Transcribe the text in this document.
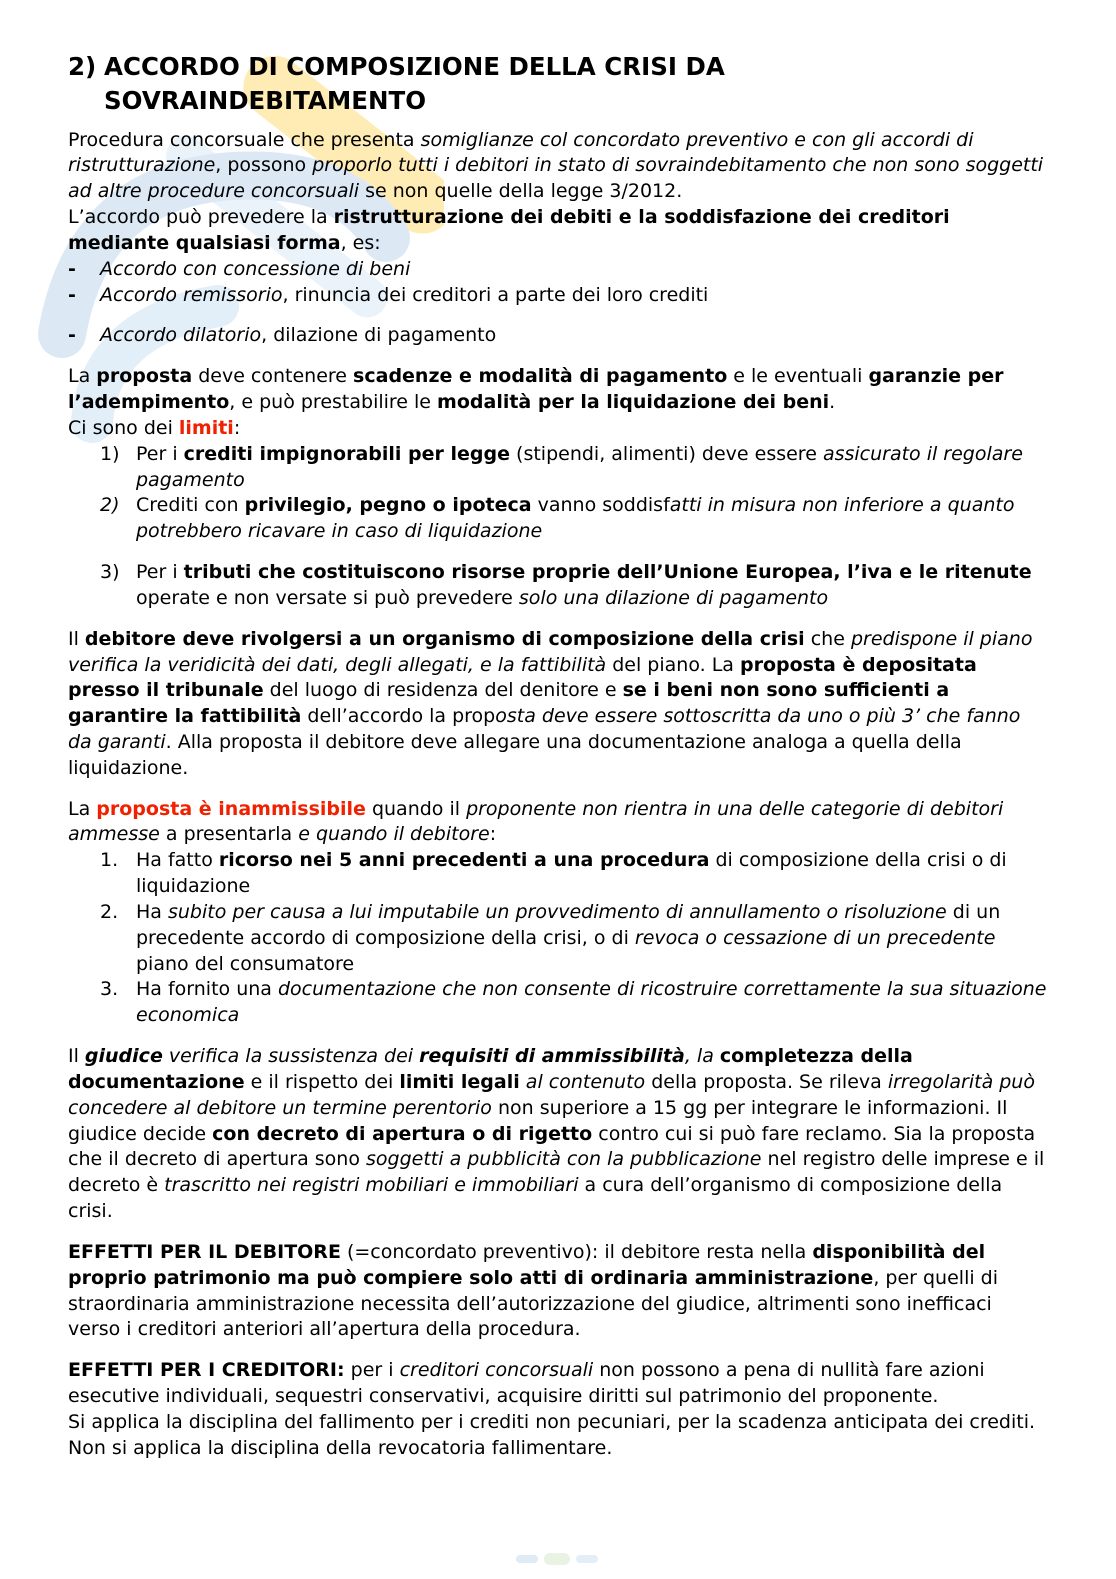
2) ACCORDO DI COMPOSIZIONE DELLA CRISI DA SOVRAINDEBITAMENTO

Procedura concorsuale che presenta somiglianze col concordato preventivo e con gli accordi di ristrutturazione, possono proporlo tutti i debitori in stato di sovraindebitamento che non sono soggetti ad altre procedure concorsuali se non quelle della legge 3/2012.

L’accordo può prevedere la ristrutturazione dei debiti e la soddisfazione dei creditori mediante qualsiasi forma, es:

-	Accordo con concessione di beni
-	Accordo remissorio, rinuncia dei creditori a parte dei loro crediti
-	Accordo dilatorio, dilazione di pagamento

La proposta deve contenere scadenze e modalità di pagamento e le eventuali garanzie per l’adempimento, e può prestabilire le modalità per la liquidazione dei beni.

Ci sono dei limiti:

1) Per i crediti impignorabili per legge (stipendi, alimenti) deve essere assicurato il regolare pagamento
2) Crediti con privilegio, pegno o ipoteca vanno soddisfatti in misura non inferiore a quanto potrebbero ricavare in caso di liquidazione
3) Per i tributi che costituiscono risorse proprie dell’Unione Europea, l’iva e le ritenute operate e non versate si può prevedere solo una dilazione di pagamento

Il debitore deve rivolgersi a un organismo di composizione della crisi che predispone il piano verifica la veridicità dei dati, degli allegati, e la fattibilità del piano. La proposta è depositata presso il tribunale del luogo di residenza del denitore e se i beni non sono sufficienti a garantire la fattibilità dell’accordo la proposta deve essere sottoscritta da uno o più 3’ che fanno da garanti. Alla proposta il debitore deve allegare una documentazione analoga a quella della liquidazione.

La proposta è inammissibile quando il proponente non rientra in una delle categorie di debitori ammesse a presentarla e quando il debitore:

1. Ha fatto ricorso nei 5 anni precedenti a una procedura di composizione della crisi o di liquidazione
2. Ha subito per causa a lui imputabile un provvedimento di annullamento o risoluzione di un precedente accordo di composizione della crisi, o di revoca o cessazione di un precedente piano del consumatore
3. Ha fornito una documentazione che non consente di ricostruire correttamente la sua situazione economica

Il giudice verifica la sussistenza dei requisiti di ammissibilità, la completezza della documentazione e il rispetto dei limiti legali al contenuto della proposta. Se rileva irregolarità può concedere al debitore un termine perentorio non superiore a 15 gg per integrare le informazioni. Il giudice decide con decreto di apertura o di rigetto contro cui si può fare reclamo. Sia la proposta che il decreto di apertura sono soggetti a pubblicità con la pubblicazione nel registro delle imprese e il decreto è trascritto nei registri mobiliari e immobiliari a cura dell’organismo di composizione della crisi.

EFFETTI PER IL DEBITORE (=concordato preventivo): il debitore resta nella disponibilità del proprio patrimonio ma può compiere solo atti di ordinaria amministrazione, per quelli di straordinaria amministrazione necessita dell’autorizzazione del giudice, altrimenti sono inefficaci verso i creditori anteriori all’apertura della procedura.

EFFETTI PER I CREDITORI: per i creditori concorsuali non possono a pena di nullità fare azioni esecutive individuali, sequestri conservativi, acquisire diritti sul patrimonio del proponente.

Si applica la disciplina del fallimento per i crediti non pecuniari, per la scadenza anticipata dei crediti. Non si applica la disciplina della revocatoria fallimentare.
